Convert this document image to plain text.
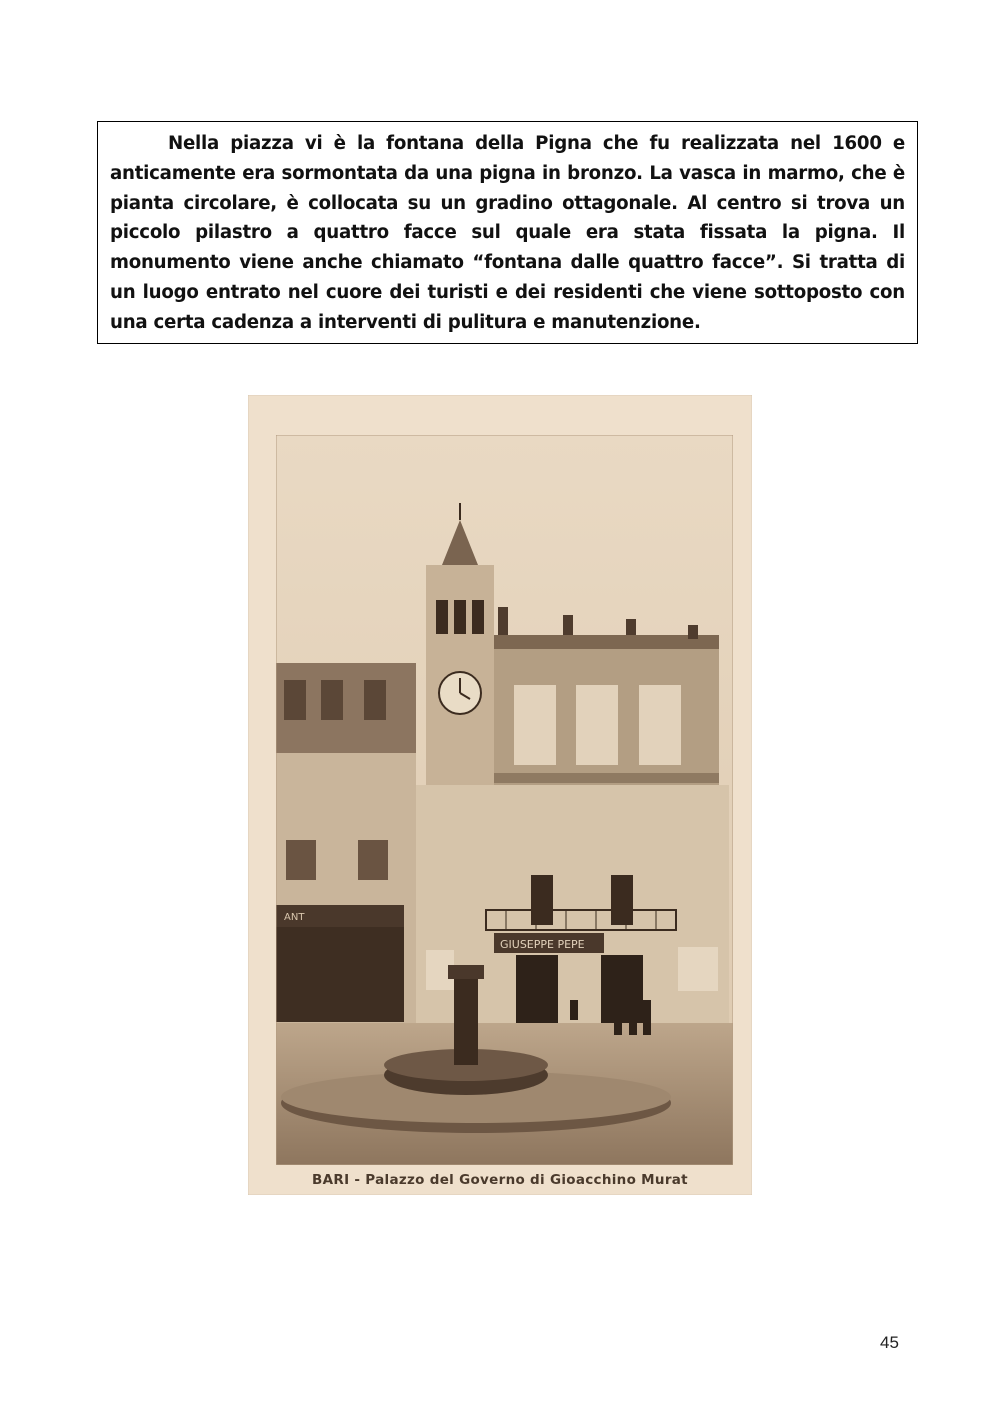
Nella piazza vi è la fontana della Pigna che fu realizzata nel 1600 e anticamente era sormontata da una pigna in bronzo. La vasca in marmo, che è pianta circolare, è collocata su un gradino ottagonale. Al centro si trova un piccolo pilastro a quattro facce sul quale era stata fissata la pigna. Il monumento viene anche chiamato “fontana dalle quattro facce”. Si tratta di un luogo entrato nel cuore dei turisti e dei residenti che viene sottoposto con una certa cadenza a interventi di pulitura e manutenzione.

ANT
GIUSEPPE PEPE
BARI - Palazzo del Governo di Gioacchino Murat
45
